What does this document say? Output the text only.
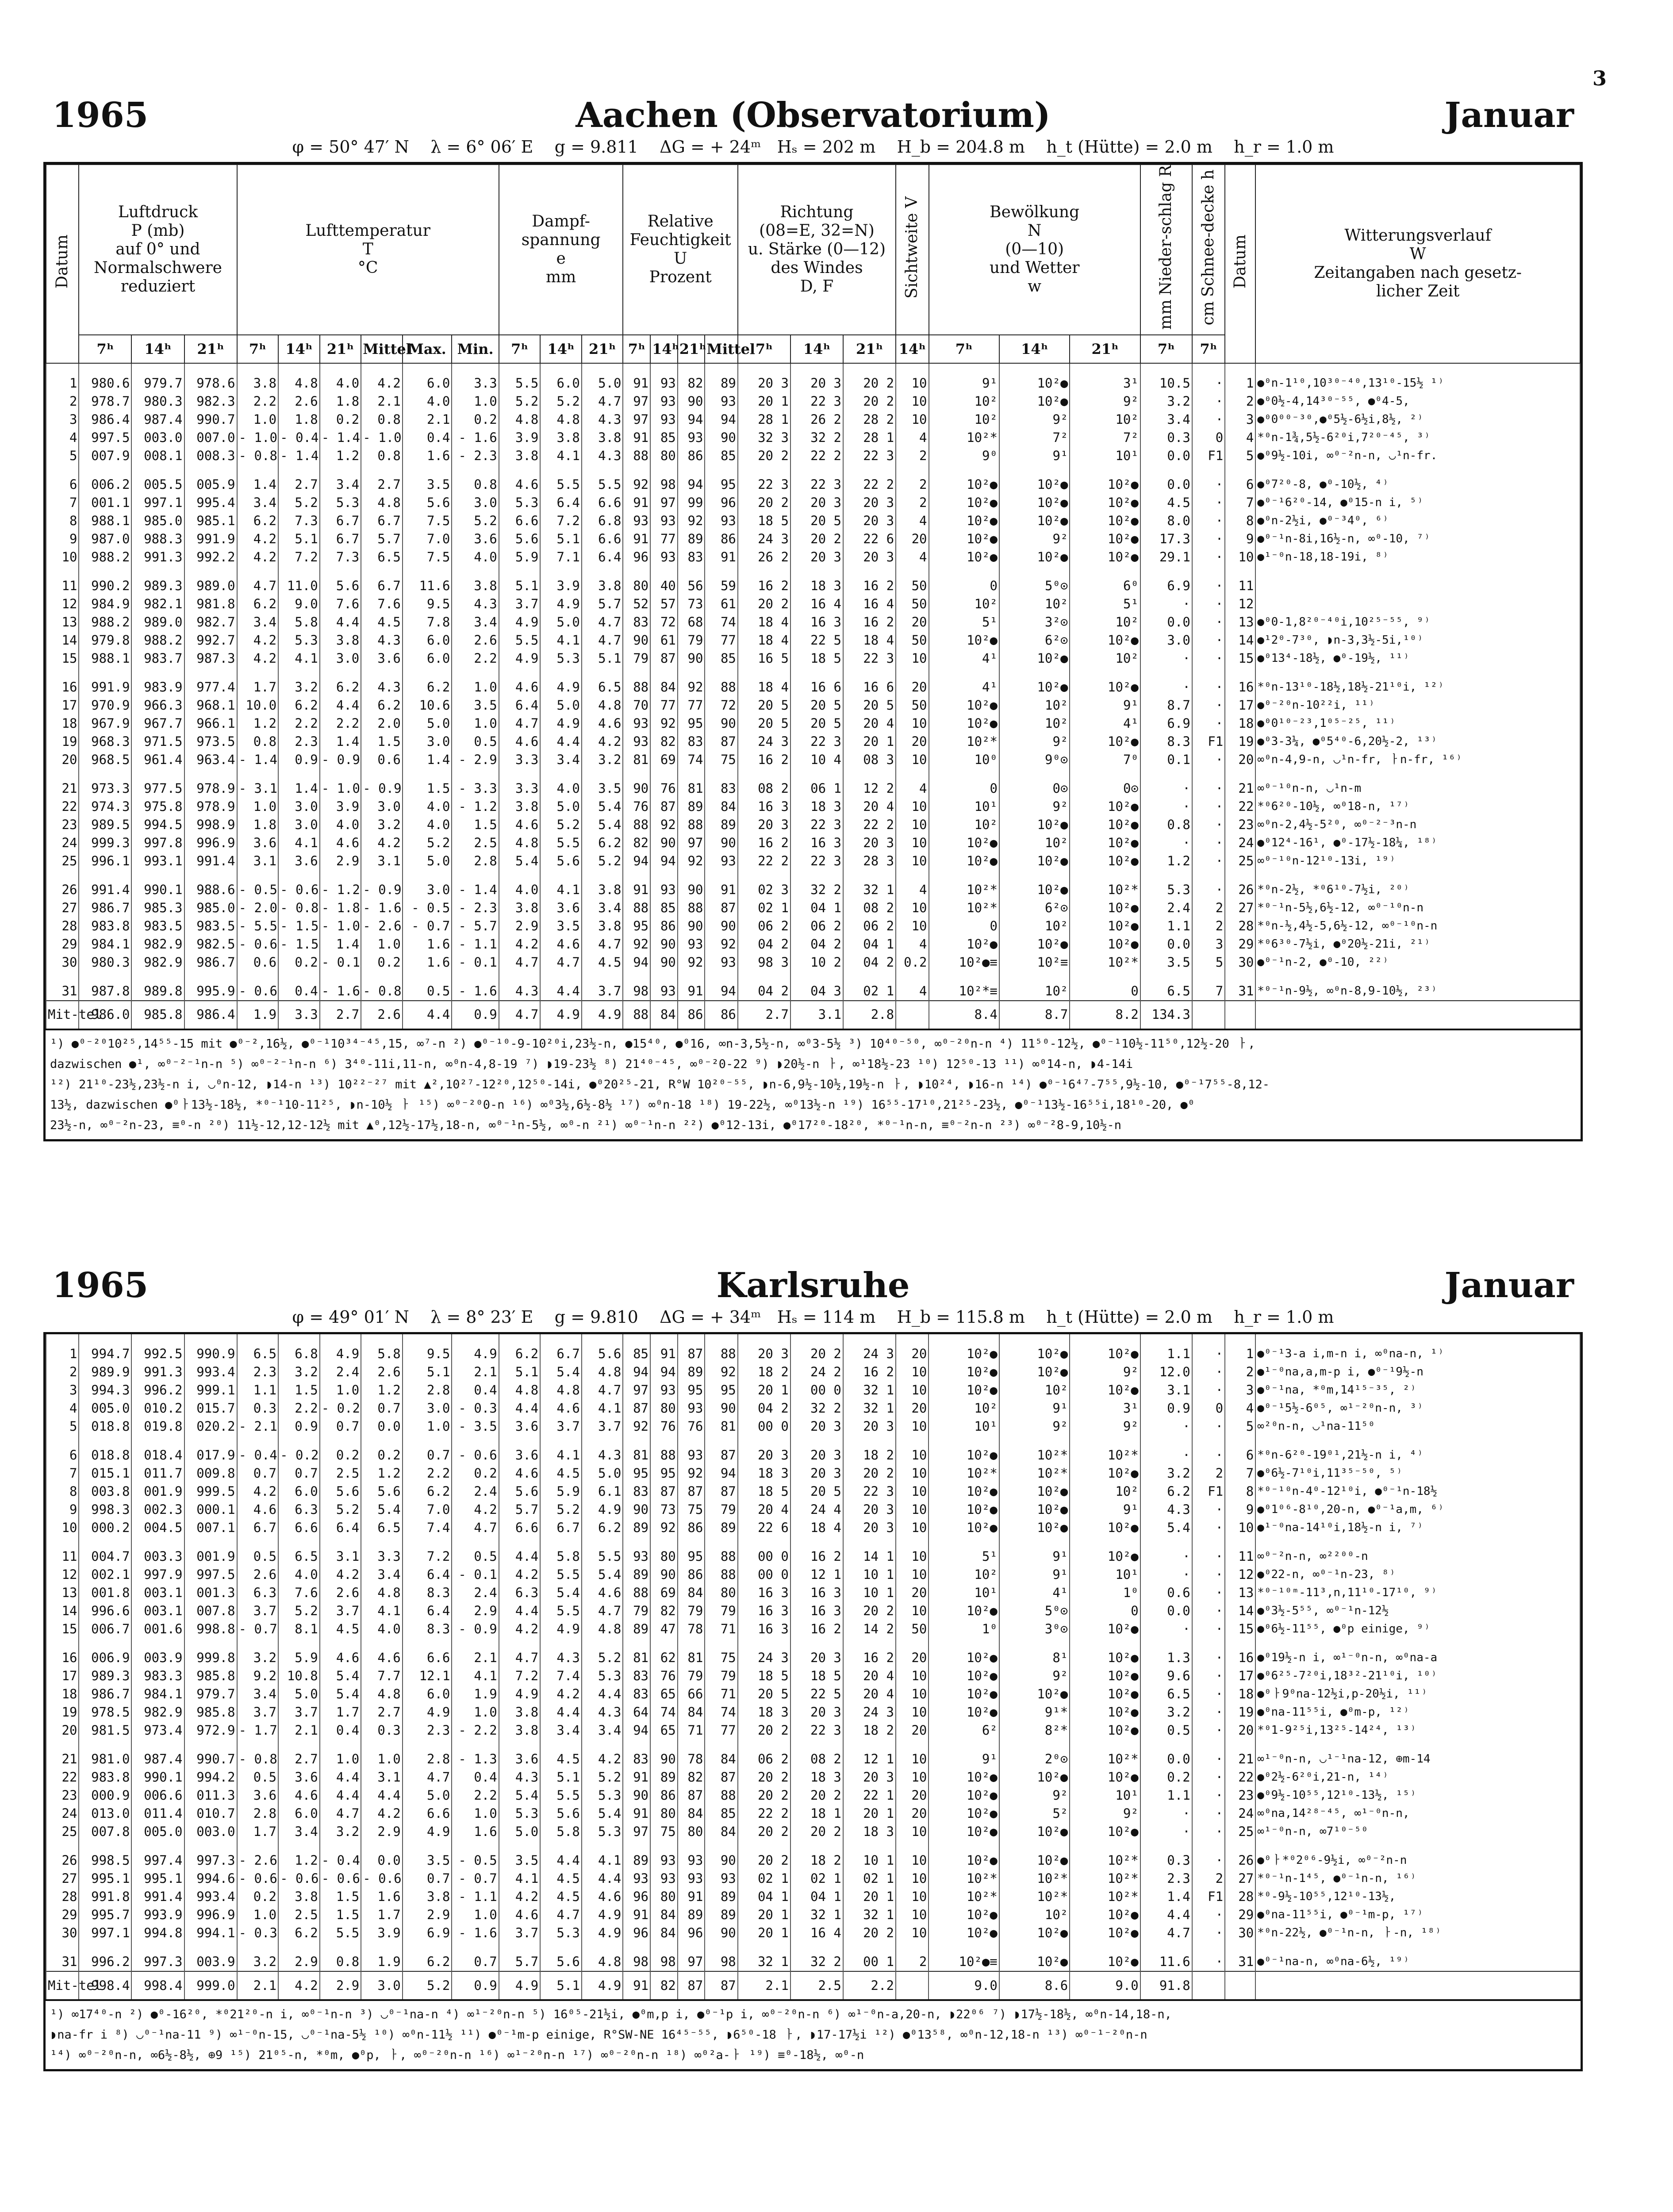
3
1965	Aachen (Observatorium)	Januar
φ = 50° 47′ N    λ = 6° 06′ E    g = 9.811    ΔG = + 24ᵐ   Hₛ = 202 m    H_b = 204.8 m    h_t (Hütte) = 2.0 m    h_r = 1.0 m
Datum	Luftdruck
P (mb)
auf 0° und
Normalschwere
reduziert			Lufttemperatur
T
°C						Dampf-
spannung
e
mm			Relative
Feuchtigkeit
U
Prozent				Richtung
(08=E, 32=N)
u. Stärke (0—12)
des Windes
D, F			Sichtweite V	Bewölkung
N
(0—10)
und Wetter
w			Nieder-schlag R
mm	Schnee-decke h
cm	Datum	Witterungsverlauf
W
Zeitangaben nach gesetz-
licher Zeit
	7ʰ	14ʰ	21ʰ	7ʰ	14ʰ	21ʰ	Mittel	Max.	Min.	7ʰ	14ʰ	21ʰ	7ʰ	14ʰ	21ʰ	Mittel	7ʰ	14ʰ	21ʰ	14ʰ	7ʰ	14ʰ	21ʰ	7ʰ	7ʰ		

1	980.6	979.7	978.6	3.8	4.8	4.0	4.2	6.0	3.3	5.5	6.0	5.0	91	93	82	89	20 3	20 3	20 2	10	9¹	10²●	3¹	10.5	·	1	●⁰n-1¹⁰,10³⁰⁻⁴⁰,13¹⁰-15½ ¹⁾
2	978.7	980.3	982.3	2.2	2.6	1.8	2.1	4.0	1.0	5.2	5.2	4.7	97	93	90	93	20 1	22 3	20 2	10	10²	10²●	9²	3.2	·	2	●⁰0½-4,14³⁰⁻⁵⁵, ●⁰4-5,
3	986.4	987.4	990.7	1.0	1.8	0.2	0.8	2.1	0.2	4.8	4.8	4.3	97	93	94	94	28 1	26 2	28 2	10	10²	9²	10²	3.4	·	3	●⁰0⁰⁰⁻³⁰,●⁰5½-6½i,8½, ²⁾
4	997.5	003.0	007.0	- 1.0	- 0.4	- 1.4	- 1.0	0.4	- 1.6	3.9	3.8	3.8	91	85	93	90	32 3	32 2	28 1	4	10²*	7²	7²	0.3	0	4	*⁰n-1¾,5½-6²⁰i,7²⁰⁻⁴⁵, ³⁾
5	007.9	008.1	008.3	- 0.8	- 1.4	1.2	0.8	1.6	- 2.3	3.8	4.1	4.3	88	80	86	85	20 2	22 2	22 3	2	9⁰	9¹	10¹	0.0	F1	5	●⁰9½-10i, ∞⁰⁻²n-n, ◡¹n-fr.

6	006.2	005.5	005.9	1.4	2.7	3.4	2.7	3.5	0.8	4.6	5.5	5.5	92	98	94	95	22 3	22 3	22 2	2	10²●	10²●	10²●	0.0	·	6	●⁰7²⁰-8, ●⁰-10½, ⁴⁾
7	001.1	997.1	995.4	3.4	5.2	5.3	4.8	5.6	3.0	5.3	6.4	6.6	91	97	99	96	20 2	20 3	20 3	2	10²●	10²●	10²●	4.5	·	7	●⁰⁻¹6²⁰-14, ●⁰15-n i, ⁵⁾
8	988.1	985.0	985.1	6.2	7.3	6.7	6.7	7.5	5.2	6.6	7.2	6.8	93	93	92	93	18 5	20 5	20 3	4	10²●	10²●	10²●	8.0	·	8	●⁰n-2½i, ●⁰⁻³4⁰, ⁶⁾
9	987.0	988.3	991.9	4.2	5.1	6.7	5.7	7.0	3.6	5.6	5.1	6.6	91	77	89	86	24 3	20 2	22 6	20	10²●	9²	10²●	17.3	·	9	●⁰⁻¹n-8i,16½-n, ∞⁰-10, ⁷⁾
10	988.2	991.3	992.2	4.2	7.2	7.3	6.5	7.5	4.0	5.9	7.1	6.4	96	93	83	91	26 2	20 3	20 3	4	10²●	10²●	10²●	29.1	·	10	●¹⁻⁰n-18,18-19i, ⁸⁾

11	990.2	989.3	989.0	4.7	11.0	5.6	6.7	11.6	3.8	5.1	3.9	3.8	80	40	56	59	16 2	18 3	16 2	50	0	5⁰⊙	6⁰	6.9	·	11	
12	984.9	982.1	981.8	6.2	9.0	7.6	7.6	9.5	4.3	3.7	4.9	5.7	52	57	73	61	20 2	16 4	16 4	50	10²	10²	5¹	·	·	12	
13	988.2	989.0	982.7	3.4	5.8	4.4	4.5	7.8	3.4	4.9	5.0	4.7	83	72	68	74	18 4	16 3	16 2	20	5¹	3²⊙	10²	0.0	·	13	●⁰0-1,8²⁰⁻⁴⁰i,10²⁵⁻⁵⁵, ⁹⁾
14	979.8	988.2	992.7	4.2	5.3	3.8	4.3	6.0	2.6	5.5	4.1	4.7	90	61	79	77	18 4	22 5	18 4	50	10²●	6²⊙	10²●	3.0	·	14	●¹2⁰-7³⁰, ◗n-3,3½-5i,¹⁰⁾
15	988.1	983.7	987.3	4.2	4.1	3.0	3.6	6.0	2.2	4.9	5.3	5.1	79	87	90	85	16 5	18 5	22 3	10	4¹	10²●	10²	·	·	15	●⁰13⁴-18½, ●⁰-19½, ¹¹⁾

16	991.9	983.9	977.4	1.7	3.2	6.2	4.3	6.2	1.0	4.6	4.9	6.5	88	84	92	88	18 4	16 6	16 6	20	4¹	10²●	10²●	·	·	16	*⁰n-13¹⁰-18½,18½-21¹⁰i, ¹²⁾
17	970.9	966.3	968.1	10.0	6.2	4.4	6.2	10.6	3.5	6.4	5.0	4.8	70	77	77	72	20 5	20 5	20 5	50	10²●	10²	9¹	8.7	·	17	●⁰⁻²⁰n-10²²i, ¹¹⁾
18	967.9	967.7	966.1	1.2	2.2	2.2	2.0	5.0	1.0	4.7	4.9	4.6	93	92	95	90	20 5	20 5	20 4	10	10²●	10²	4¹	6.9	·	18	●⁰0¹⁰⁻²³,1⁰⁵⁻²⁵, ¹¹⁾
19	968.3	971.5	973.5	0.8	2.3	1.4	1.5	3.0	0.5	4.6	4.4	4.2	93	82	83	87	24 3	22 3	20 1	20	10²*	9²	10²●	8.3	F1	19	●⁰3-3¼, ●⁰5⁴⁰-6,20½-2, ¹³⁾
20	968.5	961.4	963.4	- 1.4	0.9	- 0.9	0.6	1.4	- 2.9	3.3	3.4	3.2	81	69	74	75	16 2	10 4	08 3	10	10⁰	9⁰⊙	7⁰	0.1	·	20	∞⁰n-4,9-n, ◡¹n-fr, ㅏn-fr, ¹⁶⁾

21	973.3	977.5	978.9	- 3.1	1.4	- 1.0	- 0.9	1.5	- 3.3	3.3	4.0	3.5	90	76	81	83	08 2	06 1	12 2	4	0	0⊙	0⊙	·	·	21	∞⁰⁻¹⁰n-n, ◡¹n-m
22	974.3	975.8	978.9	1.0	3.0	3.9	3.0	4.0	- 1.2	3.8	5.0	5.4	76	87	89	84	16 3	18 3	20 4	10	10¹	9²	10²●	·	·	22	*⁰6²⁰-10½, ∞⁰18-n, ¹⁷⁾
23	989.5	994.5	998.9	1.8	3.0	4.0	3.2	4.0	1.5	4.6	5.2	5.4	88	92	88	89	20 3	22 3	22 2	10	10²	10²●	10²●	0.8	·	23	∞⁰n-2,4½-5²⁰, ∞⁰⁻²⁻³n-n
24	999.3	997.8	996.9	3.6	4.1	4.6	4.2	5.2	2.5	4.8	5.5	6.2	82	90	97	90	16 2	16 3	20 3	10	10²●	10²	10²●	·	·	24	●⁰12⁴-16¹, ●⁰-17½-18¼, ¹⁸⁾
25	996.1	993.1	991.4	3.1	3.6	2.9	3.1	5.0	2.8	5.4	5.6	5.2	94	94	92	93	22 2	22 3	28 3	10	10²●	10²●	10²●	1.2	·	25	∞⁰⁻¹⁰n-12¹⁰-13i, ¹⁹⁾

26	991.4	990.1	988.6	- 0.5	- 0.6	- 1.2	- 0.9	3.0	- 1.4	4.0	4.1	3.8	91	93	90	91	02 3	32 2	32 1	4	10²*	10²●	10²*	5.3	·	26	*⁰n-2½, *⁰6¹⁰-7½i, ²⁰⁾
27	986.7	985.3	985.0	- 2.0	- 0.8	- 1.8	- 1.6	- 0.5	- 2.3	3.8	3.6	3.4	88	85	88	87	02 1	04 1	08 2	10	10²*	6²⊙	10²●	2.4	2	27	*⁰⁻¹n-5½,6½-12, ∞⁰⁻¹⁰n-n
28	983.8	983.5	983.5	- 5.5	- 1.5	- 1.0	- 2.6	- 0.7	- 5.7	2.9	3.5	3.8	95	86	90	90	06 2	06 2	06 2	10	0	10²	10²●	1.1	2	28	*⁰n-½,4½-5,6½-12, ∞⁰⁻¹⁰n-n
29	984.1	982.9	982.5	- 0.6	- 1.5	1.4	1.0	1.6	- 1.1	4.2	4.6	4.7	92	90	93	92	04 2	04 2	04 1	4	10²●	10²●	10²●	0.0	3	29	*⁰6³⁰-7½i, ●⁰20½-21i, ²¹⁾
30	980.3	982.9	986.7	0.6	0.2	- 0.1	0.2	1.6	- 0.1	4.7	4.7	4.5	94	90	92	93	98 3	10 2	04 2	0.2	10²●≡	10²≡	10²*	3.5	5	30	●⁰⁻¹n-2, ●⁰-10, ²²⁾

31	987.8	989.8	995.9	- 0.6	0.4	- 1.6	- 0.8	0.5	- 1.6	4.3	4.4	3.7	98	93	91	94	04 2	04 3	02 1	4	10²*≡	10²	0	6.5	7	31	*⁰⁻¹n-9½, ∞⁰n-8,9-10½, ²³⁾
Mit-tel	986.0	985.8	986.4	1.9	3.3	2.7	2.6	4.4	0.9	4.7	4.9	4.9	88	84	86	86	2.7	3.1	2.8		8.4	8.7	8.2	134.3			
¹) ●⁰⁻²⁰10²⁵,14⁵⁵-15 mit ●⁰⁻²,16½, ●⁰⁻¹10³⁴⁻⁴⁵,15, ∞⁷-n ²) ●⁰⁻¹⁰-9-10²⁰i,23½-n, ●15⁴⁰, ●⁰16, ∞n-3,5½-n, ∞⁰3-5½ ³) 10⁴⁰⁻⁵⁰, ∞⁰⁻²⁰n-n ⁴) 11⁵⁰-12½, ●⁰⁻¹10½-11⁵⁰,12½-20 ㅏ,
dazwischen ●¹, ∞⁰⁻²⁻¹n-n ⁵) ∞⁰⁻²⁻¹n-n ⁶) 3⁴⁰-11i,11-n, ∞⁰n-4,8-19 ⁷) ◗19-23½ ⁸) 21⁴⁰⁻⁴⁵, ∞⁰⁻²0-22 ⁹) ◗20½-n ㅏ, ∞¹18½-23 ¹⁰) 12⁵⁰-13 ¹¹) ∞⁰14-n, ◗4-14i
¹²) 21¹⁰-23½,23½-n i, ◡⁰n-12, ◗14-n ¹³) 10²²⁻²⁷ mit ▲²,10²⁷-12²⁰,12⁵⁰-14i, ●⁰20²⁵-21, R°W 10²⁰⁻⁵⁵, ◗n-6,9½-10½,19½-n ㅏ, ◗10²⁴, ◗16-n ¹⁴) ●⁰⁻¹6⁴⁷-7⁵⁵,9½-10, ●⁰⁻¹7⁵⁵-8,12-
13½, dazwischen ●⁰ㅏ13½-18½, *⁰⁻¹10-11²⁵, ◗n-10½ ㅏ ¹⁵) ∞⁰⁻²⁰0-n ¹⁶) ∞⁰3½,6½-8½ ¹⁷) ∞⁰n-18 ¹⁸) 19-22½, ∞⁰13½-n ¹⁹) 16⁵⁵-17¹⁰,21²⁵-23½, ●⁰⁻¹13½-16⁵⁵i,18¹⁰-20, ●⁰
23½-n, ∞⁰⁻²n-23, ≡⁰-n ²⁰) 11½-12,12-12½ mit ▲⁰,12½-17½,18-n, ∞⁰⁻¹n-5½, ∞⁰-n ²¹) ∞⁰⁻¹n-n ²²) ●⁰12-13i, ●⁰17²⁰-18²⁰, *⁰⁻¹n-n, ≡⁰⁻²n-n ²³) ∞⁰⁻²8-9,10½-n
1965	Karlsruhe	Januar
φ = 49° 01′ N    λ = 8° 23′ E    g = 9.810    ΔG = + 34ᵐ   Hₛ = 114 m    H_b = 115.8 m    h_t (Hütte) = 2.0 m    h_r = 1.0 m

1	994.7	992.5	990.9	6.5	6.8	4.9	5.8	9.5	4.9	6.2	6.7	5.6	85	91	87	88	20 3	20 2	24 3	20	10²●	10²●	10²●	1.1	·	1	●⁰⁻¹3-a i,m-n i, ∞⁰na-n, ¹⁾
2	989.9	991.3	993.4	2.3	3.2	2.4	2.6	5.1	2.1	5.1	5.4	4.8	94	94	89	92	18 2	24 2	16 2	10	10²●	10²●	9²	12.0	·	2	●¹⁻⁰na,a,m-p i, ●⁰⁻¹9½-n
3	994.3	996.2	999.1	1.1	1.5	1.0	1.2	2.8	0.4	4.8	4.8	4.7	97	93	95	95	20 1	00 0	32 1	10	10²●	10²	10²●	3.1	·	3	●⁰⁻¹na, *⁰m,14¹⁵⁻³⁵, ²⁾
4	005.0	010.2	015.7	0.3	2.2	- 0.2	0.7	3.0	- 0.3	4.4	4.6	4.1	87	80	93	90	04 2	32 2	32 1	20	10²	9¹	3¹	0.9	0	4	●⁰⁻¹5½-6⁰⁵, ∞¹⁻²⁰n-n, ³⁾
5	018.8	019.8	020.2	- 2.1	0.9	0.7	0.0	1.0	- 3.5	3.6	3.7	3.7	92	76	76	81	00 0	20 3	20 3	10	10¹	9²	9²	·	·	5	∞²⁰n-n, ◡¹na-11⁵⁰

6	018.8	018.4	017.9	- 0.4	- 0.2	0.2	0.2	0.7	- 0.6	3.6	4.1	4.3	81	88	93	87	20 3	20 3	18 2	10	10²●	10²*	10²*	·	·	6	*⁰n-6²⁰-19⁰¹,21½-n i, ⁴⁾
7	015.1	011.7	009.8	0.7	0.7	2.5	1.2	2.2	0.2	4.6	4.5	5.0	95	95	92	94	18 3	20 3	20 2	10	10²*	10²*	10²●	3.2	2	7	●⁰6½-7¹⁰i,11³⁵⁻⁵⁰, ⁵⁾
8	003.8	001.9	999.5	4.2	6.0	5.6	5.6	6.2	2.4	5.6	5.9	6.1	83	87	87	87	18 5	20 5	22 3	10	10²●	10²●	10²	6.2	F1	8	*⁰⁻¹⁰n-4⁰-12¹⁰i, ●⁰⁻¹n-18½
9	998.3	002.3	000.1	4.6	6.3	5.2	5.4	7.0	4.2	5.7	5.2	4.9	90	73	75	79	20 4	24 4	20 3	10	10²●	10²●	9¹	4.3	·	9	●⁰1⁰⁶-8¹⁰,20-n, ●⁰⁻¹a,m, ⁶⁾
10	000.2	004.5	007.1	6.7	6.6	6.4	6.5	7.4	4.7	6.6	6.7	6.2	89	92	86	89	22 6	18 4	20 3	10	10²●	10²●	10²●	5.4	·	10	●¹⁻⁰na-14¹⁰i,18½-n i, ⁷⁾

11	004.7	003.3	001.9	0.5	6.5	3.1	3.3	7.2	0.5	4.4	5.8	5.5	93	80	95	88	00 0	16 2	14 1	10	5¹	9¹	10²●	·	·	11	∞⁰⁻²n-n, ∞²²⁰⁰-n
12	002.1	997.9	997.5	2.6	4.0	4.2	3.4	6.4	- 0.1	4.2	5.5	5.4	89	90	86	88	00 0	12 1	10 1	10	10²	9¹	10¹	·	·	12	●⁰22-n, ∞⁰⁻¹n-23, ⁸⁾
13	001.8	003.1	001.3	6.3	7.6	2.6	4.8	8.3	2.4	6.3	5.4	4.6	88	69	84	80	16 3	16 3	10 1	20	10¹	4¹	1⁰	0.6	·	13	*⁰⁻¹⁰ᵐ-11³,n,11¹⁰-17¹⁰, ⁹⁾
14	996.6	003.1	007.8	3.7	5.2	3.7	4.1	6.4	2.9	4.4	5.5	4.7	79	82	79	79	16 3	16 3	20 2	10	10²●	5⁰⊙	0	0.0	·	14	●⁰3½-5⁵⁵, ∞⁰⁻¹n-12½
15	006.7	001.6	998.8	- 0.7	8.1	4.5	4.0	8.3	- 0.9	4.2	4.9	4.8	89	47	78	71	16 3	16 2	14 2	50	1⁰	3⁰⊙	10²●	·	·	15	●⁰6½-11⁵⁵, ●⁰p einige, ⁹⁾

16	006.9	003.9	999.8	3.2	5.9	4.6	4.6	6.6	2.1	4.7	4.3	5.2	81	62	81	75	24 3	20 3	16 2	20	10²●	8¹	10²●	1.3	·	16	●⁰19½-n i, ∞¹⁻⁰n-n, ∞⁰na-a
17	989.3	983.3	985.8	9.2	10.8	5.4	7.7	12.1	4.1	7.2	7.4	5.3	83	76	79	79	18 5	18 5	20 4	10	10²●	9²	10²●	9.6	·	17	●⁰6²⁵-7²⁰i,18³²-21¹⁰i, ¹⁰⁾
18	986.7	984.1	979.7	3.4	5.0	5.4	4.8	6.0	1.9	4.9	4.2	4.4	83	65	66	71	20 5	22 5	20 4	10	10²●	10²●	10²●	6.5	·	18	●⁰ㅏ9⁰na-12½i,p-20½i, ¹¹⁾
19	978.5	982.9	985.8	3.7	3.7	1.7	2.7	4.9	1.0	3.8	4.4	4.3	64	74	84	74	18 3	20 3	24 3	10	10²●	9¹*	10²●	3.2	·	19	●⁰na-11⁵⁵i, ●⁰m-p, ¹²⁾
20	981.5	973.4	972.9	- 1.7	2.1	0.4	0.3	2.3	- 2.2	3.8	3.4	3.4	94	65	71	77	20 2	22 3	18 2	20	6²	8²*	10²●	0.5	·	20	*⁰1-9²⁵i,13²⁵-14²⁴, ¹³⁾

21	981.0	987.4	990.7	- 0.8	2.7	1.0	1.0	2.8	- 1.3	3.6	4.5	4.2	83	90	78	84	06 2	08 2	12 1	10	9¹	2⁰⊙	10²*	0.0	·	21	∞¹⁻⁰n-n, ◡¹⁻¹na-12, ⊕m-14
22	983.8	990.1	994.2	0.5	3.6	4.4	3.1	4.7	0.4	4.3	5.1	5.2	91	89	82	87	20 2	18 3	20 3	10	10²●	10²●	10²●	0.2	·	22	●⁰2½-6²⁰i,21-n, ¹⁴⁾
23	000.9	006.6	011.3	3.6	4.6	4.4	4.4	5.0	2.2	5.4	5.5	5.3	90	86	87	88	20 2	20 2	22 1	20	10²●	9²	10¹	1.1	·	23	●⁰9½-10⁵⁵,12¹⁰-13½, ¹⁵⁾
24	013.0	011.4	010.7	2.8	6.0	4.7	4.2	6.6	1.0	5.3	5.6	5.4	91	80	84	85	22 2	18 1	20 1	20	10²●	5²	9²	·	·	24	∞⁰na,14²⁸⁻⁴⁵, ∞¹⁻⁰n-n,
25	007.8	005.0	003.0	1.7	3.4	3.2	2.9	4.9	1.6	5.0	5.8	5.3	97	75	80	84	20 2	20 2	18 3	10	10²●	10²●	10²●	·	·	25	∞¹⁻⁰n-n, ∞7¹⁰⁻⁵⁰

26	998.5	997.4	997.3	- 2.6	1.2	- 0.4	0.0	3.5	- 0.5	3.5	4.4	4.1	89	93	93	90	20 2	18 2	10 1	10	10²●	10²●	10²*	0.3	·	26	●⁰ㅏ*⁰2⁰⁶-9½i, ∞⁰⁻²n-n
27	995.1	995.1	994.6	- 0.6	- 0.6	- 0.6	- 0.6	0.7	- 0.7	4.1	4.5	4.4	93	93	93	93	02 1	02 1	02 1	10	10²*	10²*	10²*	2.3	2	27	*⁰⁻¹n-1⁴⁵, ●⁰⁻¹n-n, ¹⁶⁾
28	991.8	991.4	993.4	0.2	3.8	1.5	1.6	3.8	- 1.1	4.2	4.5	4.6	96	80	91	89	04 1	04 1	20 1	10	10²*	10²*	10²*	1.4	F1	28	*⁰-9½-10⁵⁵,12¹⁰-13½,
29	995.7	993.9	996.9	1.0	2.5	1.5	1.7	2.9	1.0	4.6	4.7	4.9	91	84	89	89	20 1	32 1	32 1	10	10²●	10²	10²●	4.4	·	29	●⁰na-11⁵⁵i, ●⁰⁻¹m-p, ¹⁷⁾
30	997.1	994.8	994.1	- 0.3	6.2	5.5	3.9	6.9	- 1.6	3.7	5.3	4.9	96	84	96	90	20 1	16 4	20 2	10	10²●	10²●	10²●	4.7	·	30	*⁰n-22½, ●⁰⁻¹n-n, ㅏ-n, ¹⁸⁾

31	996.2	997.3	003.9	3.2	2.9	0.8	1.9	6.2	0.7	5.7	5.6	4.8	98	98	97	98	32 1	32 2	00 1	2	10²●≡	10²●	10²●	11.6	·	31	●⁰⁻¹na-n, ∞⁰na-6½, ¹⁹⁾
Mit-tel	998.4	998.4	999.0	2.1	4.2	2.9	3.0	5.2	0.9	4.9	5.1	4.9	91	82	87	87	2.1	2.5	2.2		9.0	8.6	9.0	91.8			
¹) ∞17⁴⁰-n ²) ●⁰-16²⁰, *⁰21²⁰-n i, ∞⁰⁻¹n-n ³) ◡⁰⁻¹na-n ⁴) ∞¹⁻²⁰n-n ⁵) 16⁰⁵-21½i, ●⁰m,p i, ●⁰⁻¹p i, ∞⁰⁻²⁰n-n ⁶) ∞¹⁻⁰n-a,20-n, ◗22⁰⁶ ⁷) ◗17½-18½, ∞⁰n-14,18-n,
◗na-fr i ⁸) ◡⁰⁻¹na-11 ⁹) ∞¹⁻⁰n-15, ◡⁰⁻¹na-5½ ¹⁰) ∞⁰n-11½ ¹¹) ●⁰⁻¹m-p einige, R°SW-NE 16⁴⁵⁻⁵⁵, ◗6⁵⁰-18 ㅏ, ◗17-17½i ¹²) ●⁰13⁵⁸, ∞⁰n-12,18-n ¹³) ∞⁰⁻¹⁻²⁰n-n
¹⁴) ∞⁰⁻²⁰n-n, ∞6½-8½, ⊕9 ¹⁵) 21⁰⁵-n, *⁰m, ●⁰p, ㅏ, ∞⁰⁻²⁰n-n ¹⁶) ∞¹⁻²⁰n-n ¹⁷) ∞⁰⁻²⁰n-n ¹⁸) ∞⁰²a-ㅏ ¹⁹) ≡⁰-18½, ∞⁰-n
